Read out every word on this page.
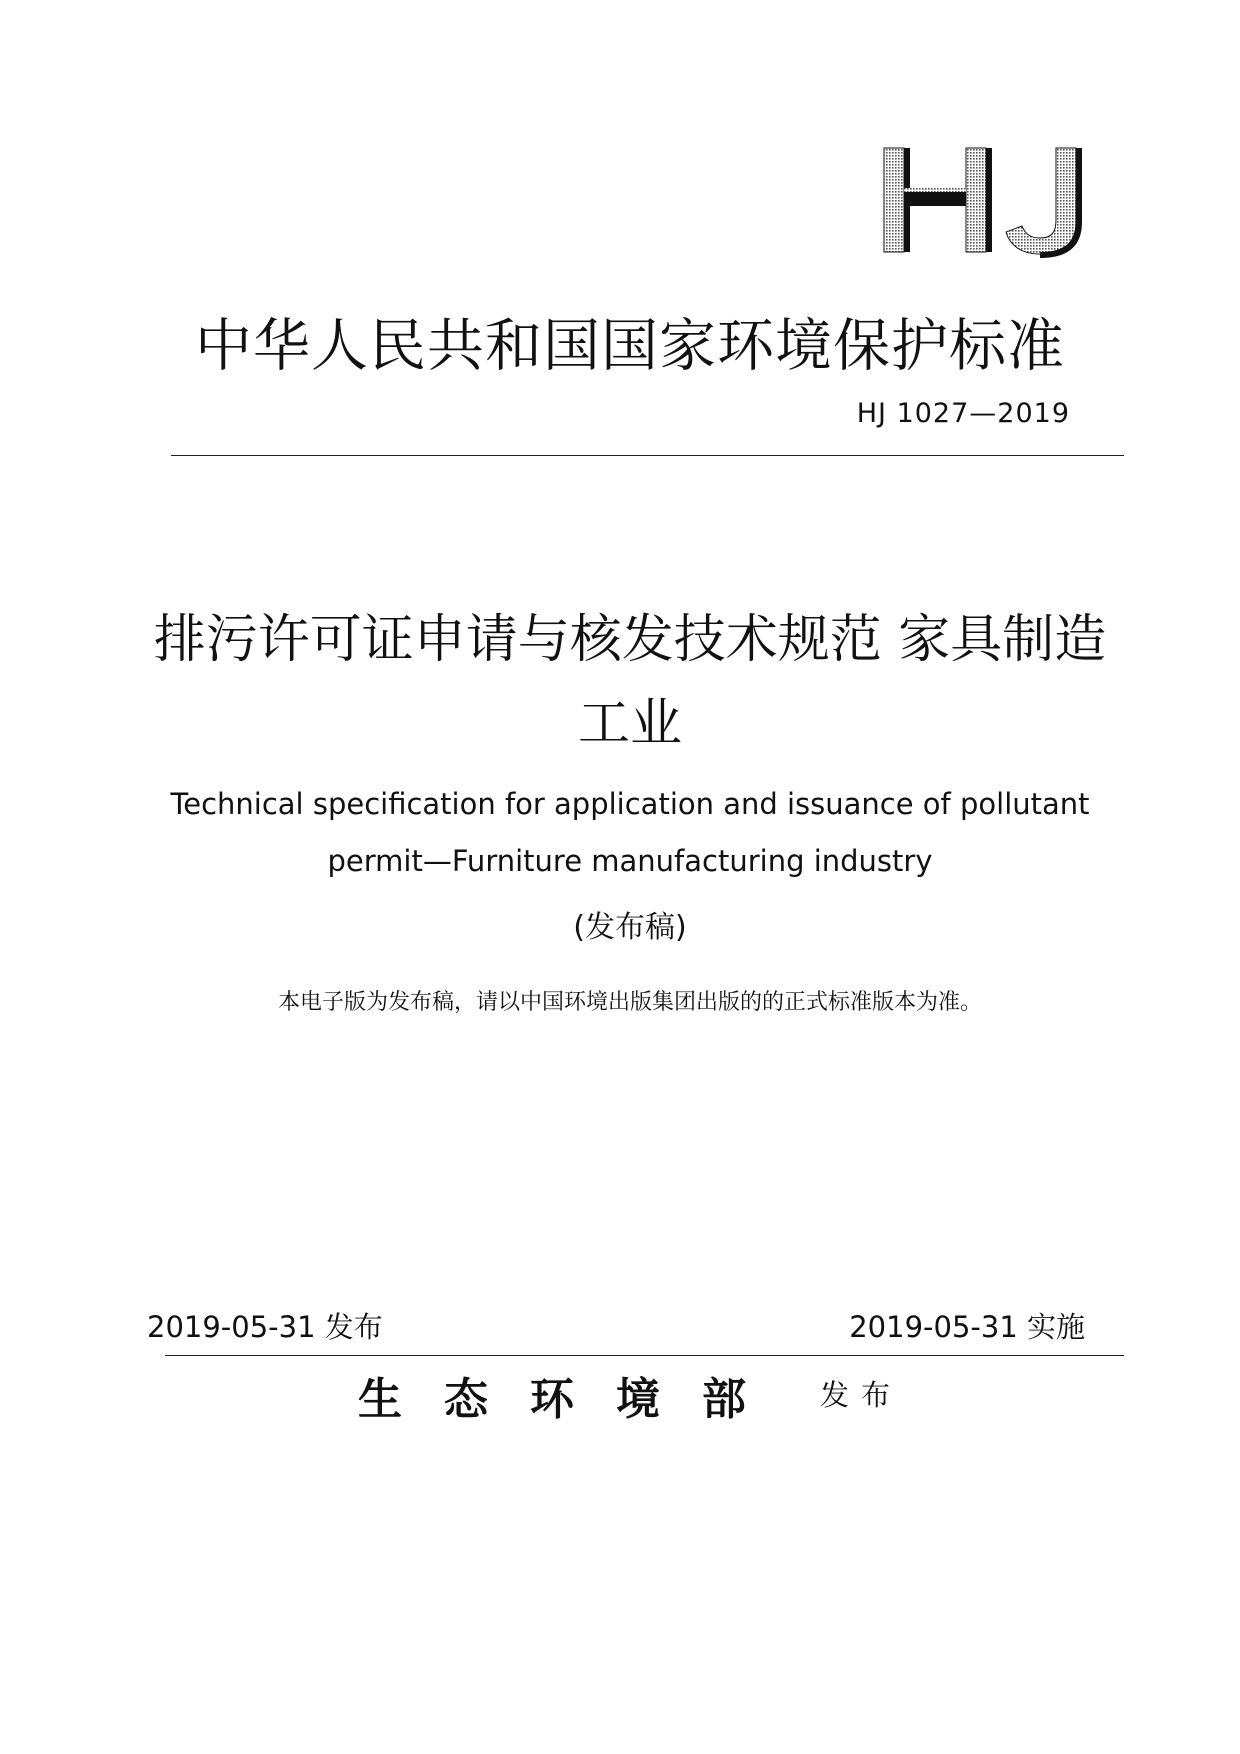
中华人民共和国国家环境保护标准
HJ 1027—2019
排污许可证申请与核发技术规范 家具制造工业
Technical specification for application and issuance of pollutant permit—Furniture manufacturing industry
(发布稿)
本电子版为发布稿，请以中国环境出版集团出版的的正式标准版本为准。
2019-05-31 发布	2019-05-31 实施
生态环境部 发布
